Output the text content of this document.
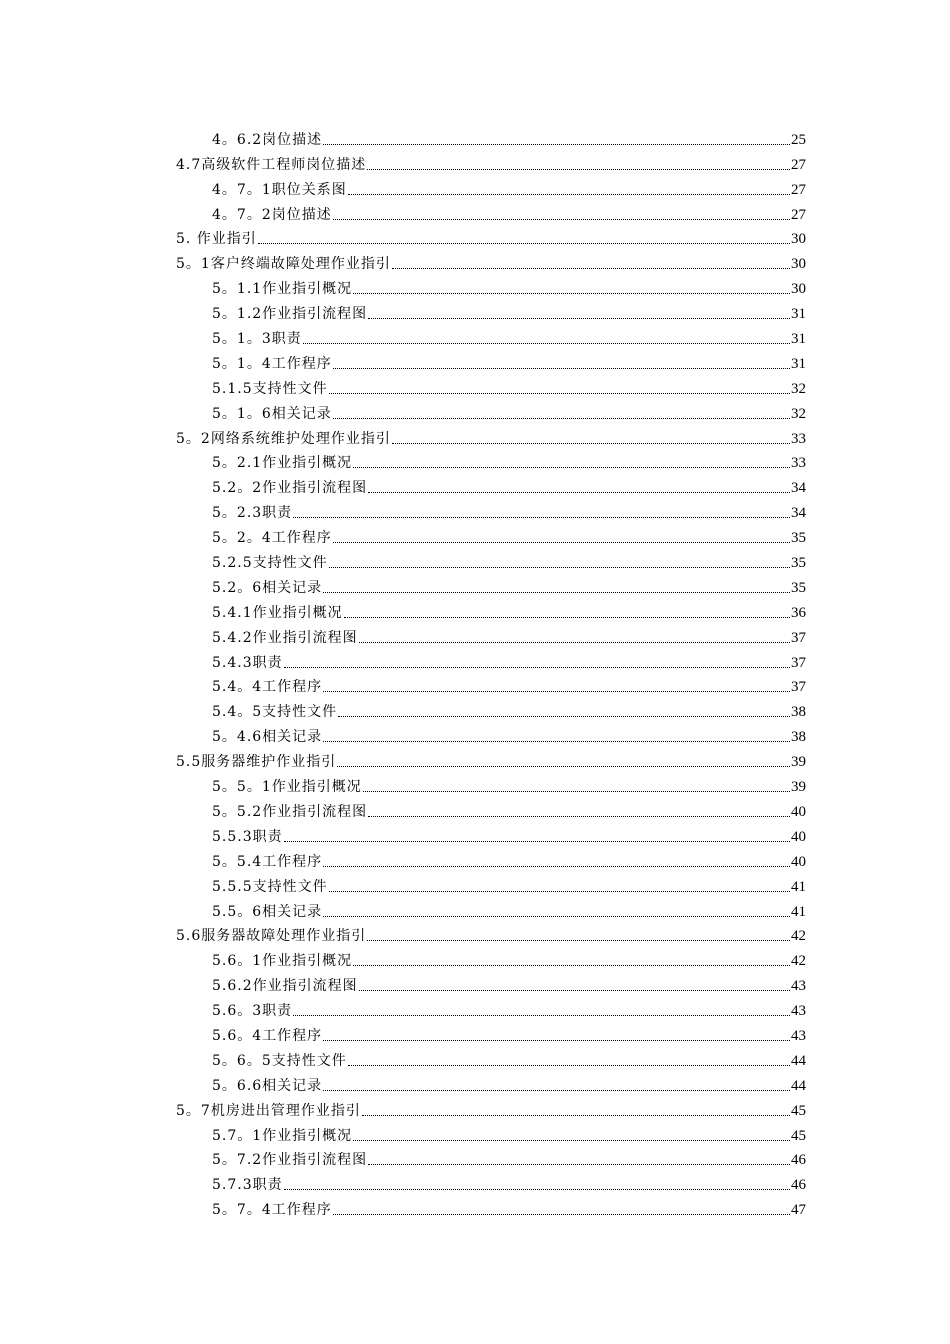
4。6.2岗位描述	25
4.7高级软件工程师岗位描述	27
4。7。1职位关系图	27
4。7。2岗位描述	27
5. 作业指引	30
5。1客户终端故障处理作业指引	30
5。1.1作业指引概况	30
5。1.2作业指引流程图	31
5。1。3职责	31
5。1。4工作程序	31
5.1.5支持性文件	32
5。1。6相关记录	32
5。2网络系统维护处理作业指引	33
5。2.1作业指引概况	33
5.2。2作业指引流程图	34
5。2.3职责	34
5。2。4工作程序	35
5.2.5支持性文件	35
5.2。6相关记录	35
5.4.1作业指引概况	36
5.4.2作业指引流程图	37
5.4.3职责	37
5.4。4工作程序	37
5.4。5支持性文件	38
5。4.6相关记录	38
5.5服务器维护作业指引	39
5。5。1作业指引概况	39
5。5.2作业指引流程图	40
5.5.3职责	40
5。5.4工作程序	40
5.5.5支持性文件	41
5.5。6相关记录	41
5.6服务器故障处理作业指引	42
5.6。1作业指引概况	42
5.6.2作业指引流程图	43
5.6。3职责	43
5.6。4工作程序	43
5。6。5支持性文件	44
5。6.6相关记录	44
5。7机房进出管理作业指引	45
5.7。1作业指引概况	45
5。7.2作业指引流程图	46
5.7.3职责	46
5。7。4工作程序	47
